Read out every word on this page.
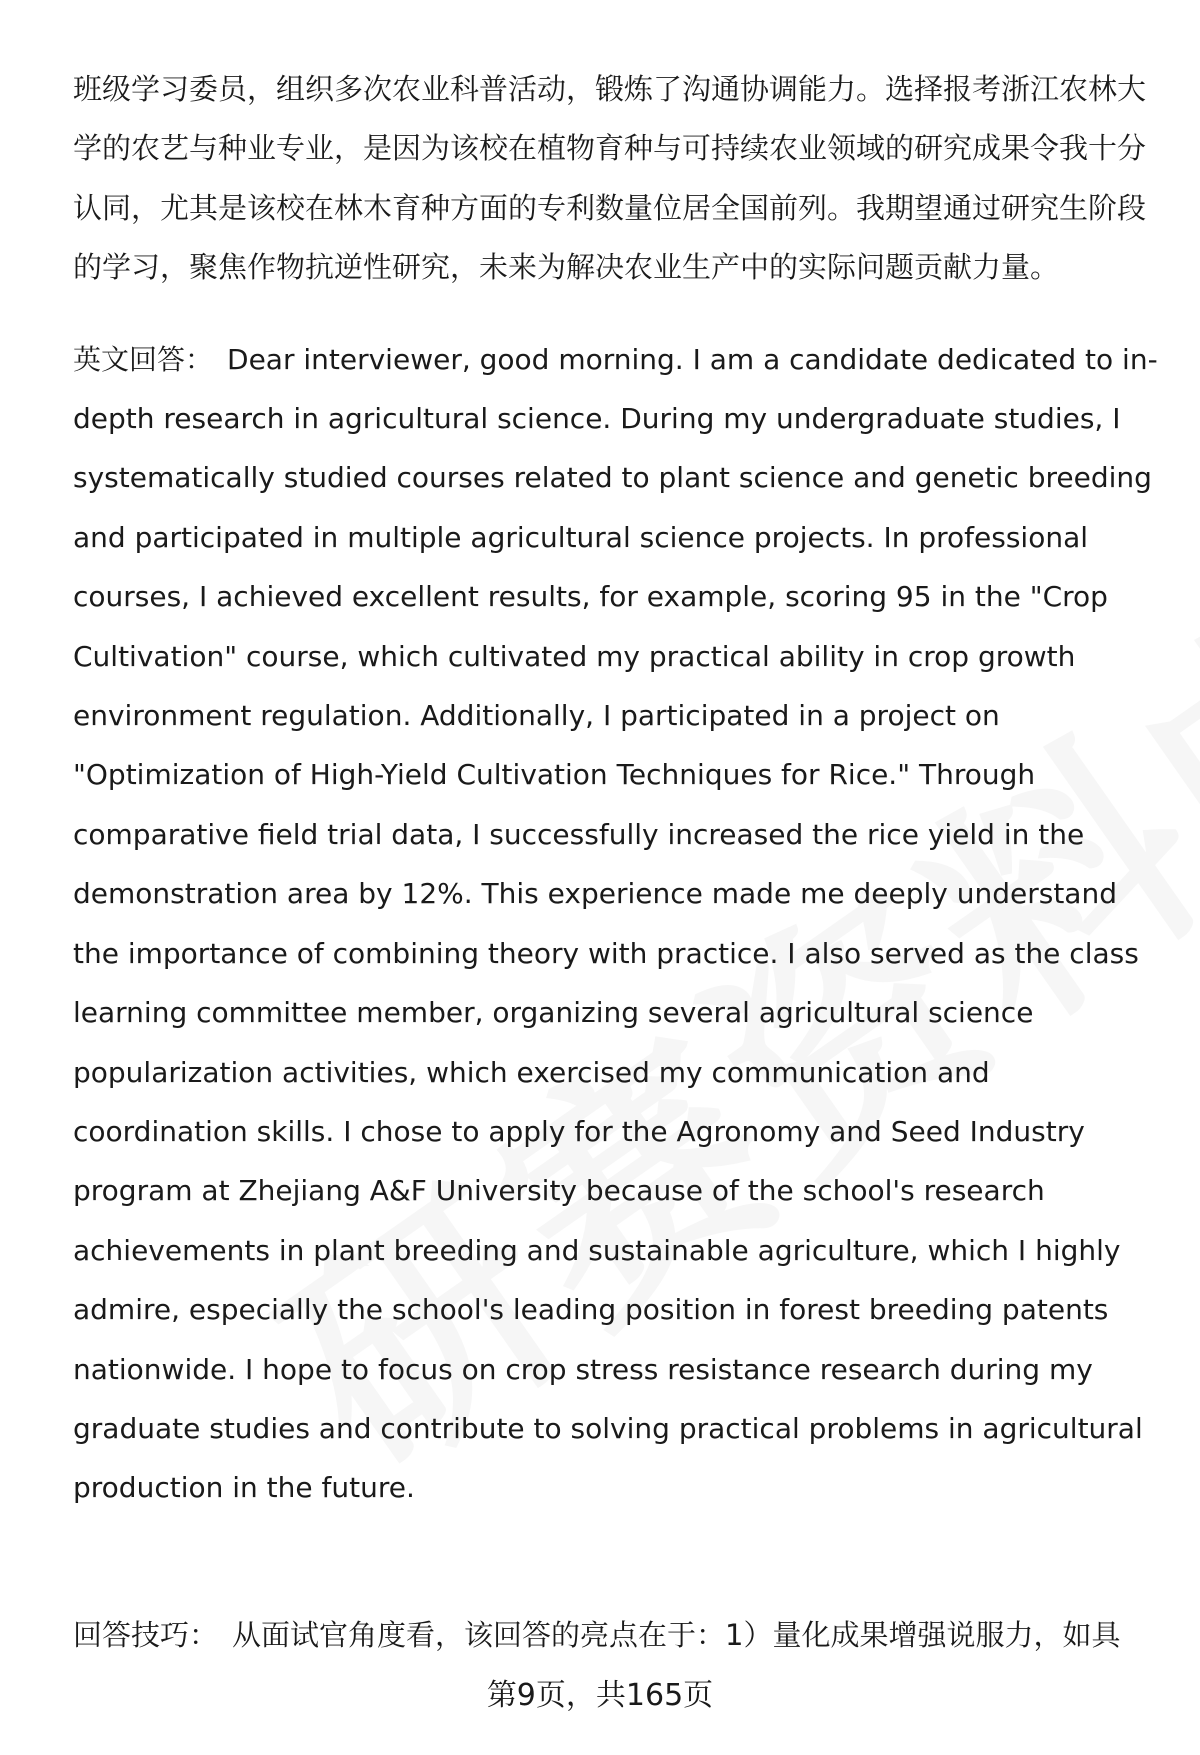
班级学习委员，组织多次农业科普活动，锻炼了沟通协调能力。选择报考浙江农林大学的农艺与种业专业，是因为该校在植物育种与可持续农业领域的研究成果令我十分认同，尤其是该校在林木育种方面的专利数量位居全国前列。我期望通过研究生阶段的学习，聚焦作物抗逆性研究，未来为解决农业生产中的实际问题贡献力量。

英文回答： Dear interviewer, good morning. I am a candidate dedicated to in-depth research in agricultural science. During my undergraduate studies, I systematically studied courses related to plant science and genetic breeding and participated in multiple agricultural science projects. In professional courses, I achieved excellent results, for example, scoring 95 in the "Crop Cultivation" course, which cultivated my practical ability in crop growth environment regulation. Additionally, I participated in a project on "Optimization of High-Yield Cultivation Techniques for Rice." Through comparative field trial data, I successfully increased the rice yield in the demonstration area by 12%. This experience made me deeply understand the importance of combining theory with practice. I also served as the class learning committee member, organizing several agricultural science popularization activities, which exercised my communication and coordination skills. I chose to apply for the Agronomy and Seed Industry program at Zhejiang A&F University because of the school's research achievements in plant breeding and sustainable agriculture, which I highly admire, especially the school's leading position in forest breeding patents nationwide. I hope to focus on crop stress resistance research during my graduate studies and contribute to solving practical problems in agricultural production in the future.

回答技巧： 从面试官角度看，该回答的亮点在于：1）量化成果增强说服力，如具

第9页，共165页
